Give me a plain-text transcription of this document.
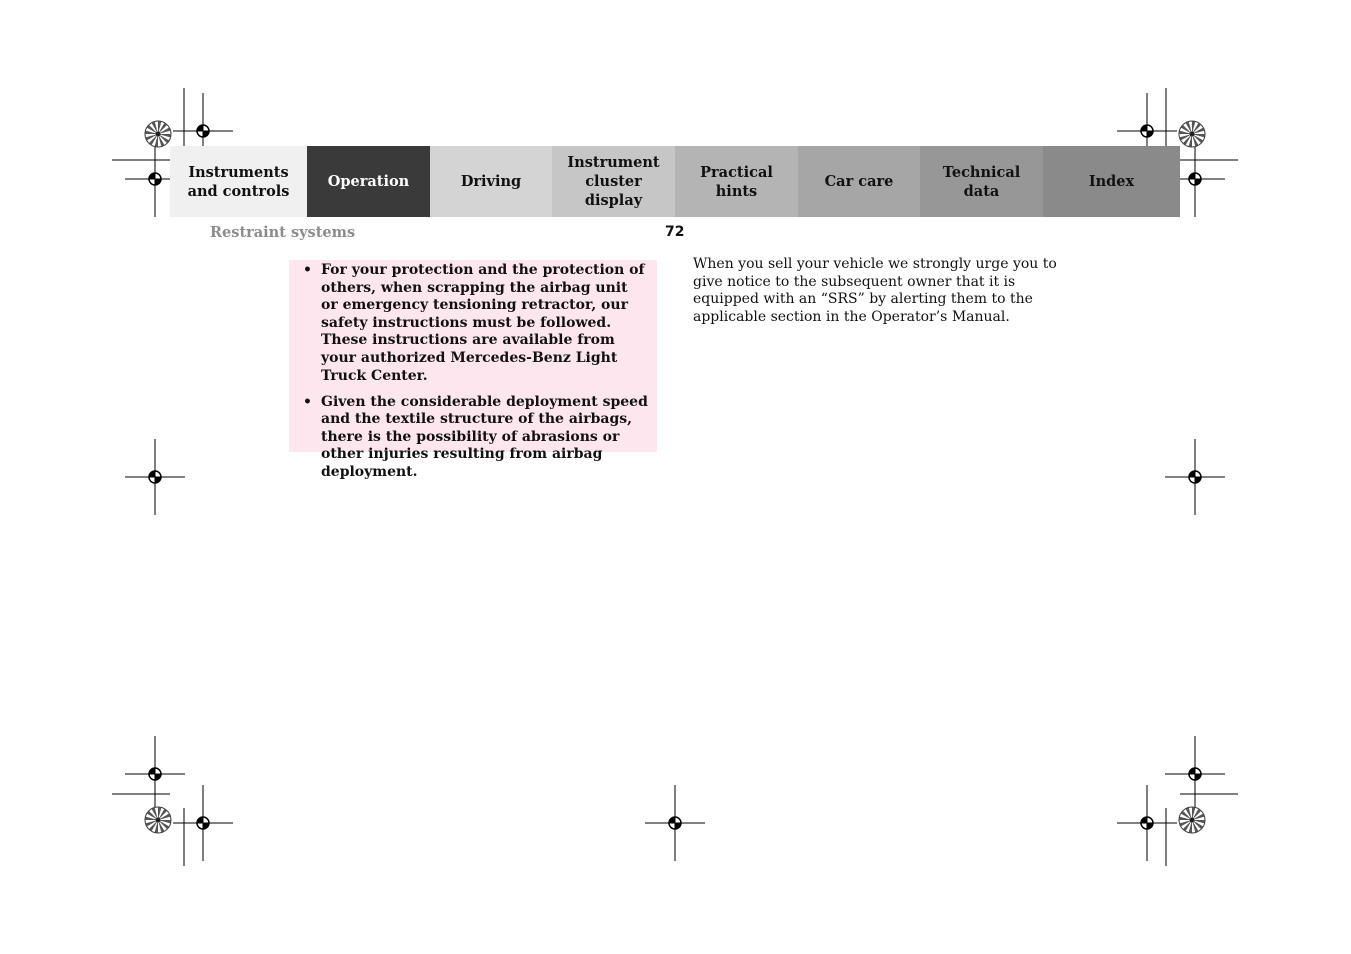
Instruments
and controls
Operation	Driving
Instrument
cluster display
Practical hints
Car care
Technical
data
Index
Restraint systems	72
• For your protection and the protection of others, when scrapping the airbag unit or emergency tensioning retractor, our safety instructions must be followed. These instructions are available from your authorized Mercedes-Benz Light Truck Center.
• Given the considerable deployment speed and the textile structure of the airbags, there is the possibility of abrasions or other injuries resulting from airbag deployment.
When you sell your vehicle we strongly urge you to give notice to the subsequent owner that it is equipped with an “SRS” by alerting them to the applicable section in the Operator’s Manual.
